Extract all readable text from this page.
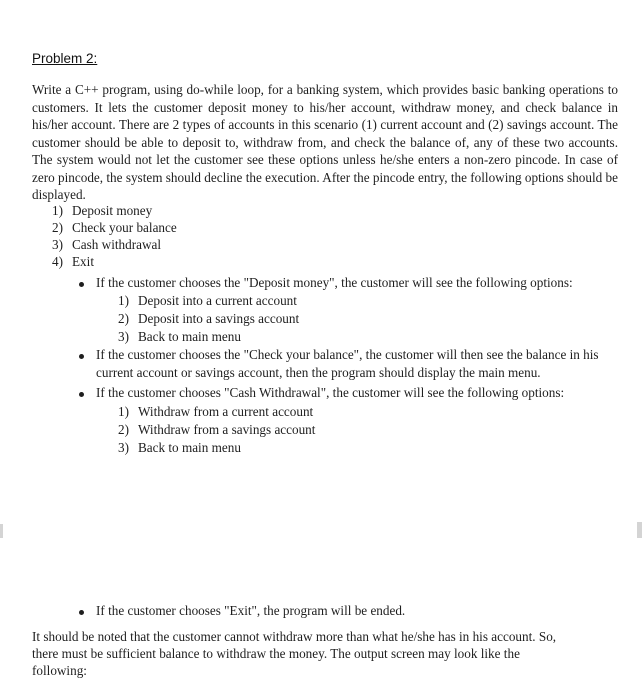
Problem 2:

Write a C++ program, using do-while loop, for a banking system, which provides basic banking operations to customers. It lets the customer deposit money to his/her account, withdraw money, and check balance in his/her account. There are 2 types of accounts in this scenario (1) current account and (2) savings account. The customer should be able to deposit to, withdraw from, and check the balance of, any of these two accounts. The system would not let the customer see these options unless he/she enters a non-zero pincode. In case of zero pincode, the system should decline the execution. After the pincode entry, the following options should be displayed.

1) Deposit money
2) Check your balance
3) Cash withdrawal
4) Exit

If the customer chooses the "Deposit money", the customer will see the following options:

1) Deposit into a current account
2) Deposit into a savings account
3) Back to main menu

If the customer chooses the "Check your balance", the customer will then see the balance in his current account or savings account, then the program should display the main menu.

If the customer chooses "Cash Withdrawal", the customer will see the following options:

1) Withdraw from a current account
2) Withdraw from a savings account
3) Back to main menu

If the customer chooses "Exit", the program will be ended.

It should be noted that the customer cannot withdraw more than what he/she has in his account. So,
there must be sufficient balance to withdraw the money. The output screen may look like the
following:
